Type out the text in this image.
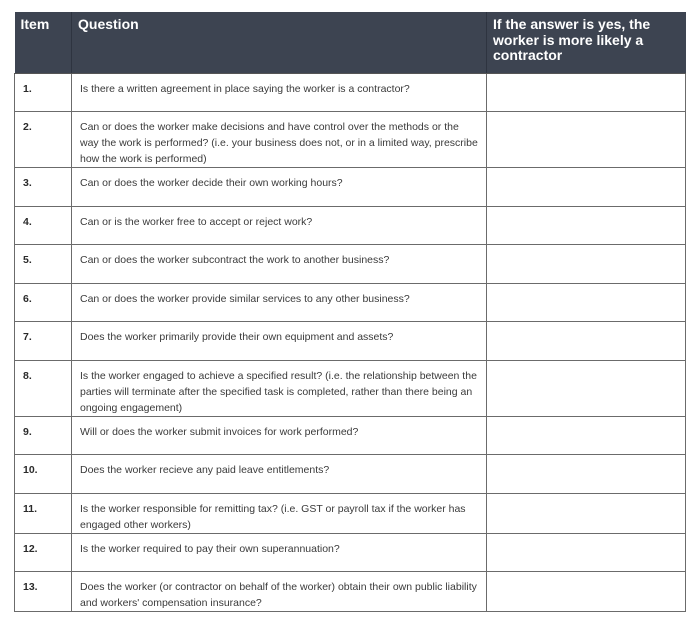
Item	Question	If the answer is yes, the worker is more likely a contractor
1.	Is there a written agreement in place saying the worker is a contractor?	
2.	Can or does the worker make decisions and have control over the methods or the way the work is performed? (i.e. your business does not, or in a limited way, prescribe how the work is performed)	
3.	Can or does the worker decide their own working hours?	
4.	Can or is the worker free to accept or reject work?	
5.	Can or does the worker subcontract the work to another business?	
6.	Can or does the worker provide similar services to any other business?	
7.	Does the worker primarily provide their own equipment and assets?	
8.	Is the worker engaged to achieve a specified result? (i.e. the relationship between the parties will terminate after the specified task is completed, rather than there being an ongoing engagement)	
9.	Will or does the worker submit invoices for work performed?	
10.	Does the worker recieve any paid leave entitlements?	
11.	Is the worker responsible for remitting tax? (i.e. GST or payroll tax if the worker has engaged other workers)	
12.	Is the worker required to pay their own superannuation?	
13.	Does the worker (or contractor on behalf of the worker) obtain their own public liability and workers' compensation insurance?	
